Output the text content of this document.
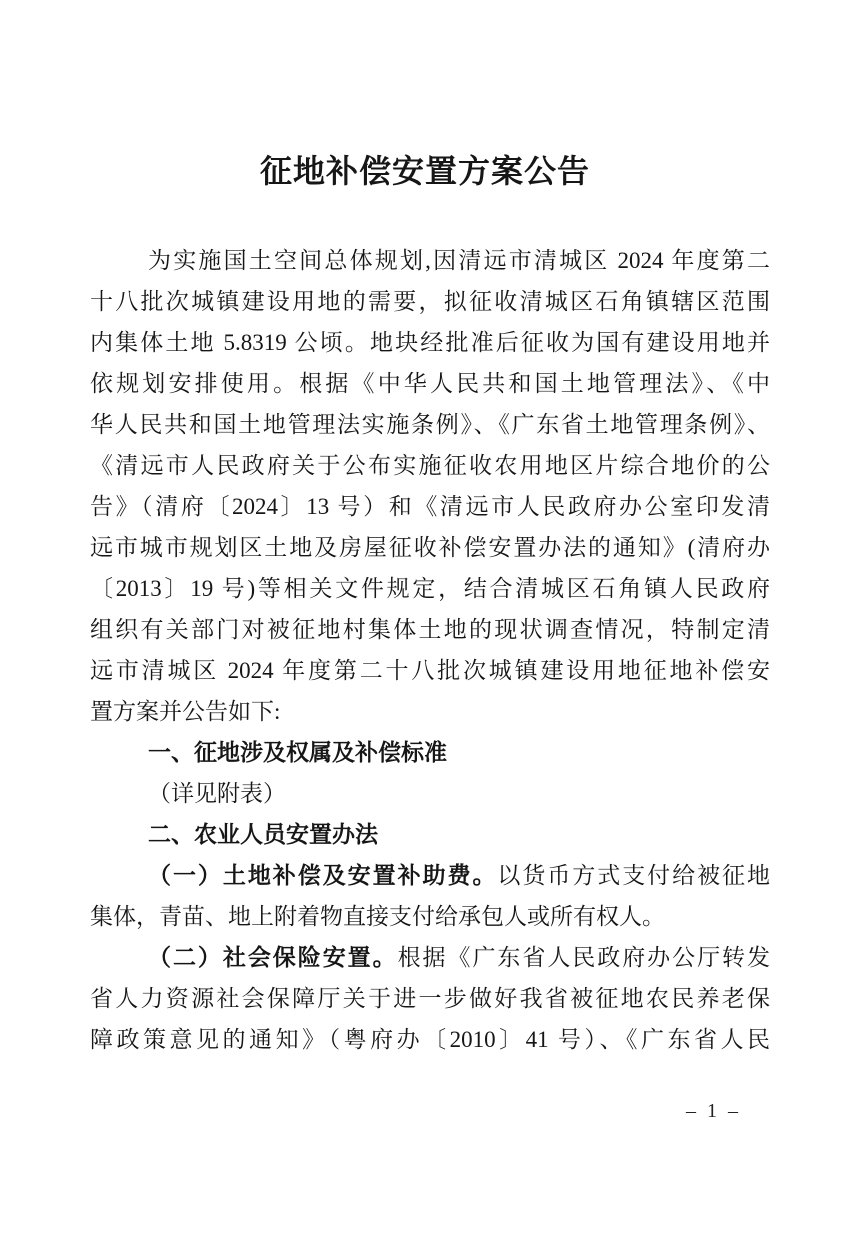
征地补偿安置方案公告
为实施国土空间总体规划,因清远市清城区 2024 年度第二
十八批次城镇建设用地的需要，拟征收清城区石角镇辖区范围
内集体土地 5.8319 公顷。地块经批准后征收为国有建设用地并
依规划安排使用。根据《中华人民共和国土地管理法》、《中
华人民共和国土地管理法实施条例》、《广东省土地管理条例》、
《清远市人民政府关于公布实施征收农用地区片综合地价的公
告》（清府〔2024〕13 号）和《清远市人民政府办公室印发清
远市城市规划区土地及房屋征收补偿安置办法的通知》(清府办
〔2013〕19 号)等相关文件规定，结合清城区石角镇人民政府
组织有关部门对被征地村集体土地的现状调查情况，特制定清
远市清城区 2024 年度第二十八批次城镇建设用地征地补偿安
置方案并公告如下:
一、征地涉及权属及补偿标准
（详见附表）
二、农业人员安置办法
（一）土地补偿及安置补助费。以货币方式支付给被征地
集体，青苗、地上附着物直接支付给承包人或所有权人。
（二）社会保险安置。根据《广东省人民政府办公厅转发
省人力资源社会保障厅关于进一步做好我省被征地农民养老保
障政策意见的通知》（粤府办〔2010〕41 号）、《广东省人民
– 1 –
